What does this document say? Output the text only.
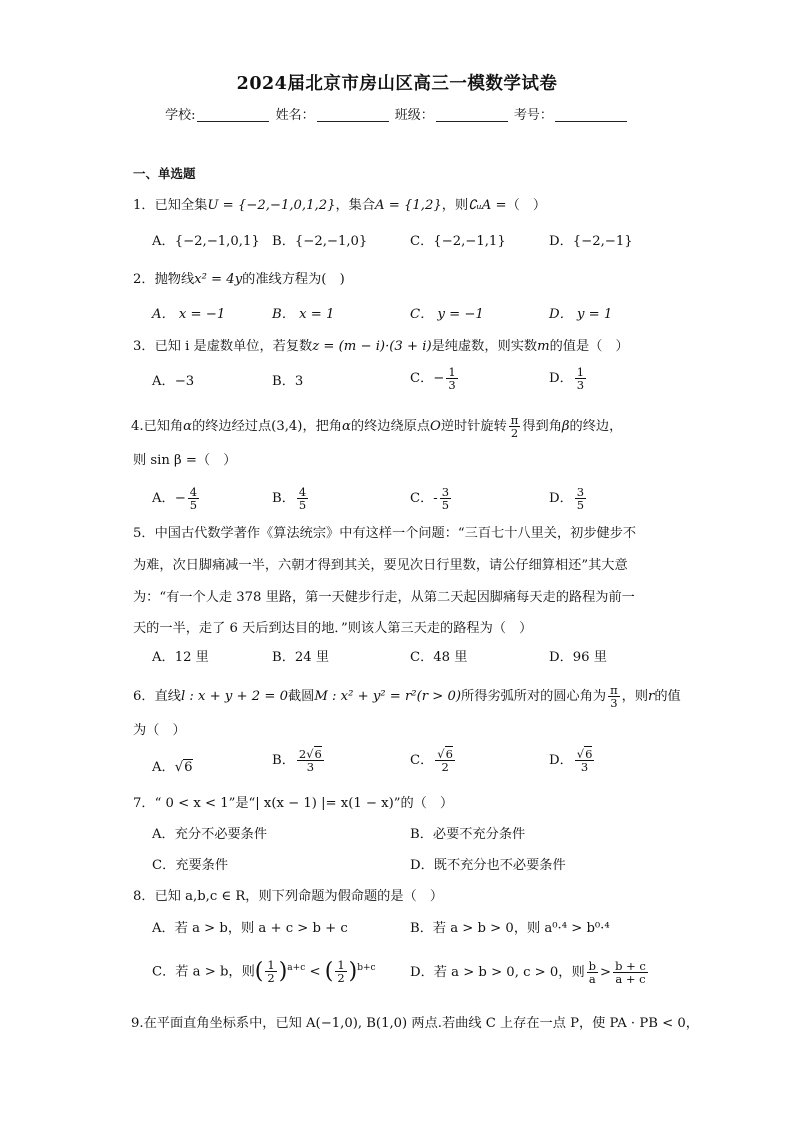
2024届北京市房山区高三一模数学试卷
学校:	姓名：	班级：	考号：
一、单选题
1．已知全集U = {−2,−1,0,1,2}，集合A = {1,2}，则∁ᵤA =（　）
A．{−2,−1,0,1} B．{−2,−1,0}	C．{−2,−1,1}	D．{−2,−1}
2．抛物线x² = 4y的准线方程为(　)
A． x = −1	B． x = 1	C． y = −1	D． y = 1
3．已知 i 是虚数单位，若复数z = (m − i)·(3 + i)是纯虚数，则实数m的值是（　）
A．−3	B．3	C．− $\frac{1}{3}$	D． $\frac{1}{3}$
4.已知角α的终边经过点(3,4)，把角α的终边绕原点O逆时针旋转 $\frac{\pi}{2}$ 得到角β的终边，
则 sin β =（　）
A．− $\frac{4}{5}$	B． $\frac{4}{5}$	C．- $\frac{3}{5}$	D． $\frac{3}{5}$
5．中国古代数学著作《算法统宗》中有这样一个问题：“三百七十八里关，初步健步不
为难，次日脚痛减一半，六朝才得到其关，要见次日行里数，请公仔细算相还”其大意
为：“有一个人走 378 里路，第一天健步行走，从第二天起因脚痛每天走的路程为前一
天的一半，走了 6 天后到达目的地．”则该人第三天走的路程为（　）
A．12 里	B．24 里	C．48 里	D．96 里
6．直线l : x + y + 2 = 0截圆M : x² + y² = r²(r > 0)所得劣弧所对的圆心角为 $\frac{\pi}{3}$ ，则r的值
为（　）
A．√6	B． $\frac{2√6}{3}$	C． $\frac{√6}{2}$	D． $\frac{√6}{3}$
7．“ 0 < x < 1”是“| x(x − 1) |= x(1 − x)”的（　）
A．充分不必要条件	B．必要不充分条件
C．充要条件	D．既不充分也不必要条件
8．已知 a,b,c ∈ R，则下列命题为假命题的是（　）
A．若 a > b，则 a + c > b + c	B．若 a > b > 0，则 a⁰·⁴ > b⁰·⁴
C．若 a > b，则( $\frac{1}{2} )^{a+c}$ < ( $\frac{1}{2} )^{b+c}$	D．若 a > b > 0, c > 0，则 $\frac{b}{a} > \frac{b + c}{a + c}$
9.在平面直角坐标系中，已知 A(−1,0), B(1,0) 两点.若曲线 C 上存在一点 P，使 PA · PB < 0，
